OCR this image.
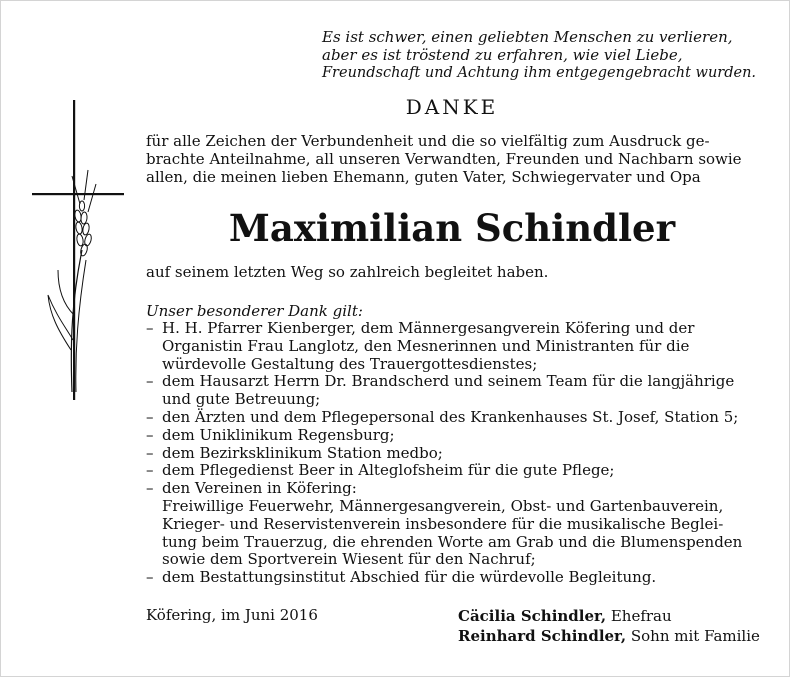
Es ist schwer, einen geliebten Menschen zu verlieren,
aber es ist tröstend zu erfahren, wie viel Liebe,
Freundschaft und Achtung ihm entgegengebracht wurden.
DANKE
für alle Zeichen der Verbundenheit und die so vielfältig zum Ausdruck ge-
brachte Anteilnahme, all unseren Verwandten, Freunden und Nachbarn sowie
allen, die meinen lieben Ehemann, guten Vater, Schwiegervater und Opa
Maximilian Schindler
auf seinem letzten Weg so zahlreich begleitet haben.
Unser besonderer Dank gilt:
– H. H. Pfarrer Kienberger, dem Männergesangverein Köfering und der
Organistin Frau Langlotz, den Mesnerinnen und Ministranten für die
würdevolle Gestaltung des Trauergottesdienstes;
– dem Hausarzt Herrn Dr. Brandscherd und seinem Team für die langjährige
und gute Betreuung;
– den Ärzten und dem Pflegepersonal des Krankenhauses St. Josef, Station 5;
– dem Uniklinikum Regensburg;
– dem Bezirksklinikum Station medbo;
– dem Pflegedienst Beer in Alteglofsheim für die gute Pflege;
– den Vereinen in Köfering:
Freiwillige Feuerwehr, Männergesangverein, Obst- und Gartenbauverein,
Krieger- und Reservistenverein insbesondere für die musikalische Beglei-
tung beim Trauerzug, die ehrenden Worte am Grab und die Blumenspenden
sowie dem Sportverein Wiesent für den Nachruf;
– dem Bestattungsinstitut Abschied für die würdevolle Begleitung.
Köfering, im Juni 2016	Cäcilia Schindler, Ehefrau
Reinhard Schindler, Sohn mit Familie
